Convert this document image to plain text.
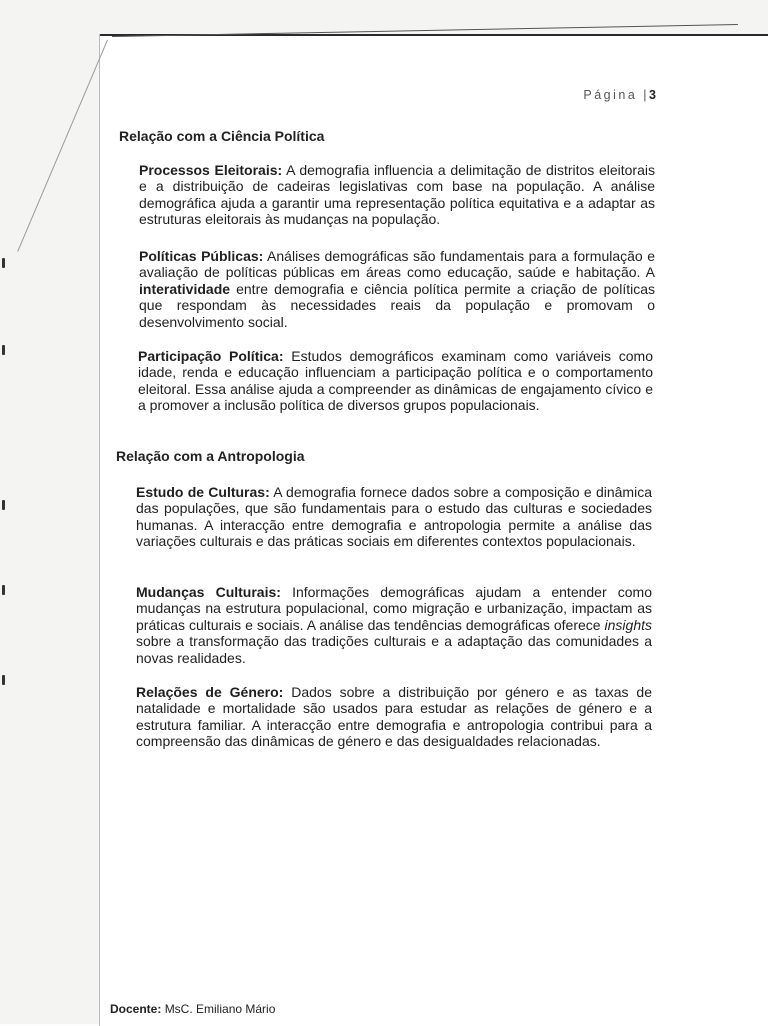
Página |3
Relação com a Ciência Política
Processos Eleitorais: A demografia influencia a delimitação de distritos eleitorais e a distribuição de cadeiras legislativas com base na população. A análise demográfica ajuda a garantir uma representação política equitativa e a adaptar as estruturas eleitorais às mudanças na população.
Políticas Públicas: Análises demográficas são fundamentais para a formulação e avaliação de políticas públicas em áreas como educação, saúde e habitação. A interatividade entre demografia e ciência política permite a criação de políticas que respondam às necessidades reais da população e promovam o desenvolvimento social.
Participação Política: Estudos demográficos examinam como variáveis como idade, renda e educação influenciam a participação política e o comportamento eleitoral. Essa análise ajuda a compreender as dinâmicas de engajamento cívico e a promover a inclusão política de diversos grupos populacionais.
Relação com a Antropologia
Estudo de Culturas: A demografia fornece dados sobre a composição e dinâmica das populações, que são fundamentais para o estudo das culturas e sociedades humanas. A interacção entre demografia e antropologia permite a análise das variações culturais e das práticas sociais em diferentes contextos populacionais.
Mudanças Culturais: Informações demográficas ajudam a entender como mudanças na estrutura populacional, como migração e urbanização, impactam as práticas culturais e sociais. A análise das tendências demográficas oferece insights sobre a transformação das tradições culturais e a adaptação das comunidades a novas realidades.
Relações de Género: Dados sobre a distribuição por género e as taxas de natalidade e mortalidade são usados para estudar as relações de género e a estrutura familiar. A interacção entre demografia e antropologia contribui para a compreensão das dinâmicas de género e das desigualdades relacionadas.
Docente: MsC. Emiliano Mário
